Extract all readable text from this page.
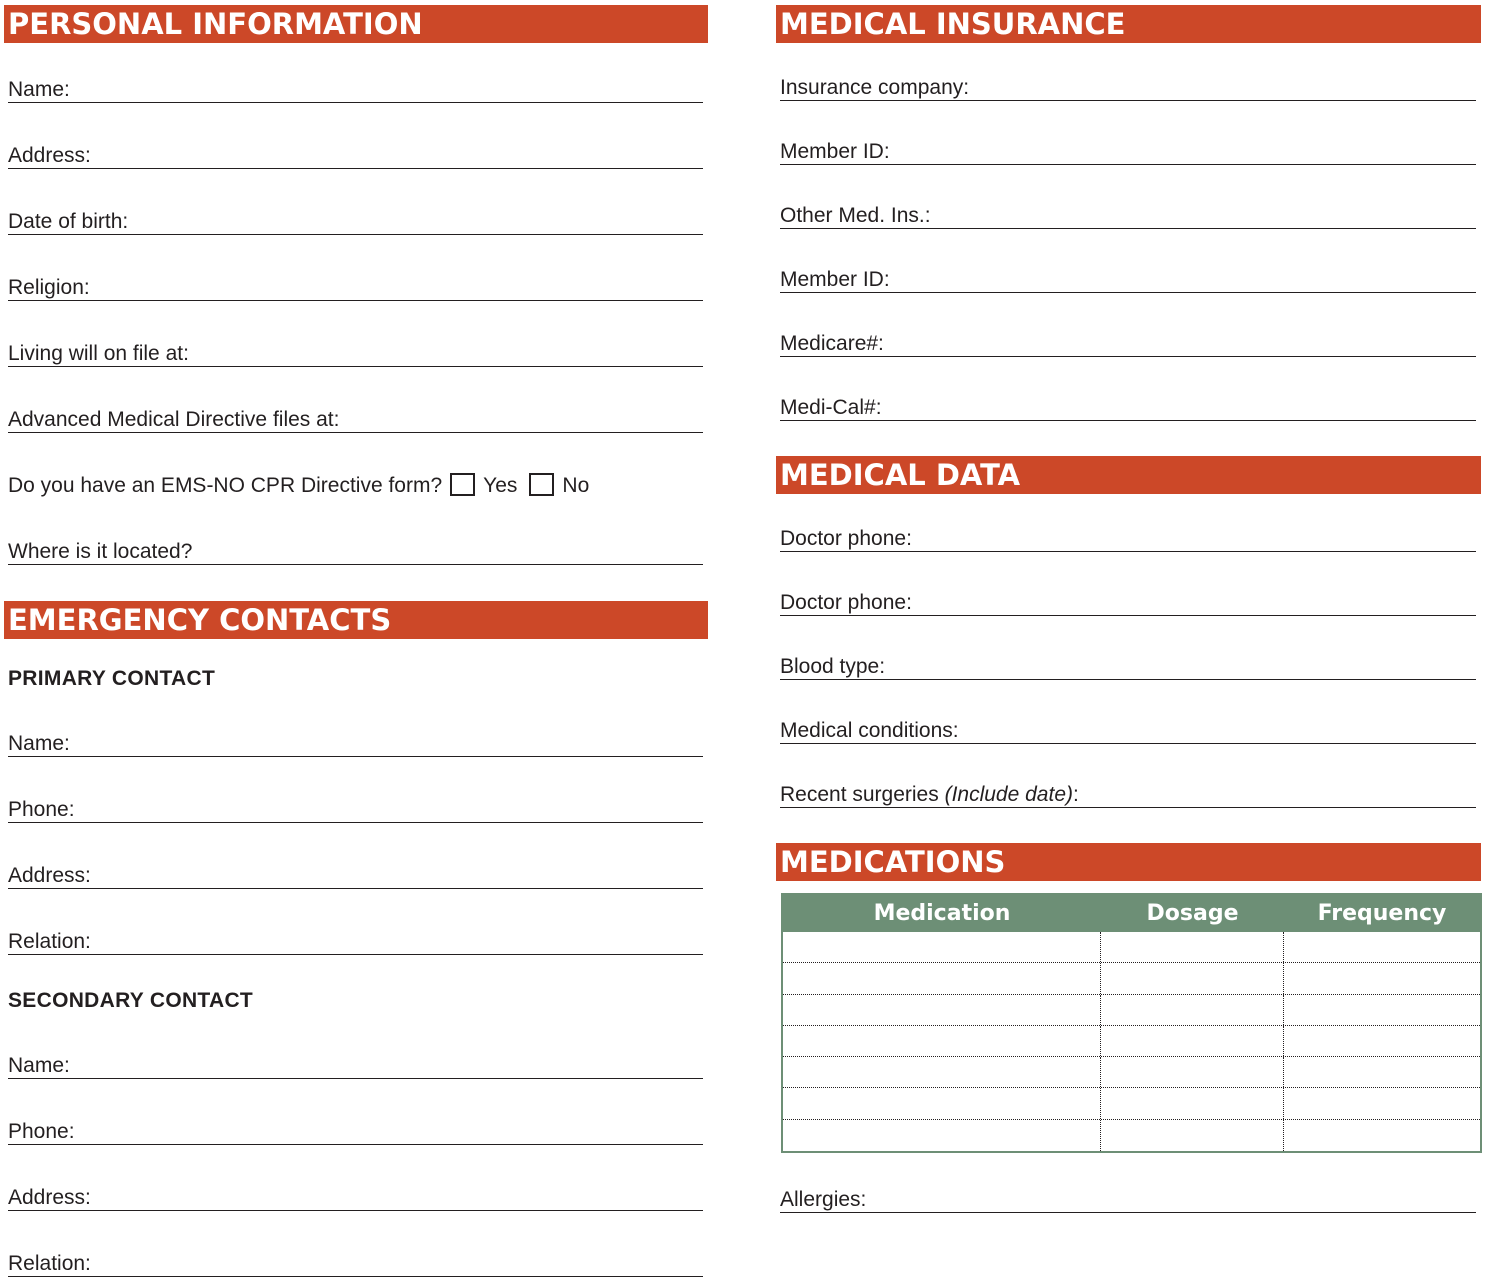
PERSONAL INFORMATION
Name:
Address:
Date of birth:
Religion:
Living will on file at:
Advanced Medical Directive files at:
Do you have an EMS-NO CPR Directive form? Yes No
Where is it located?
EMERGENCY CONTACTS
PRIMARY CONTACT
Name:
Phone:
Address:
Relation:
SECONDARY CONTACT
Name:
Phone:
Address:
Relation:
MEDICAL INSURANCE
Insurance company:
Member ID:
Other Med. Ins.:
Member ID:
Medicare#:
Medi-Cal#:
MEDICAL DATA
Doctor phone:
Doctor phone:
Blood type:
Medical conditions:
Recent surgeries (Include date):
MEDICATIONS
Medication	Dosage	Frequency
Allergies:
